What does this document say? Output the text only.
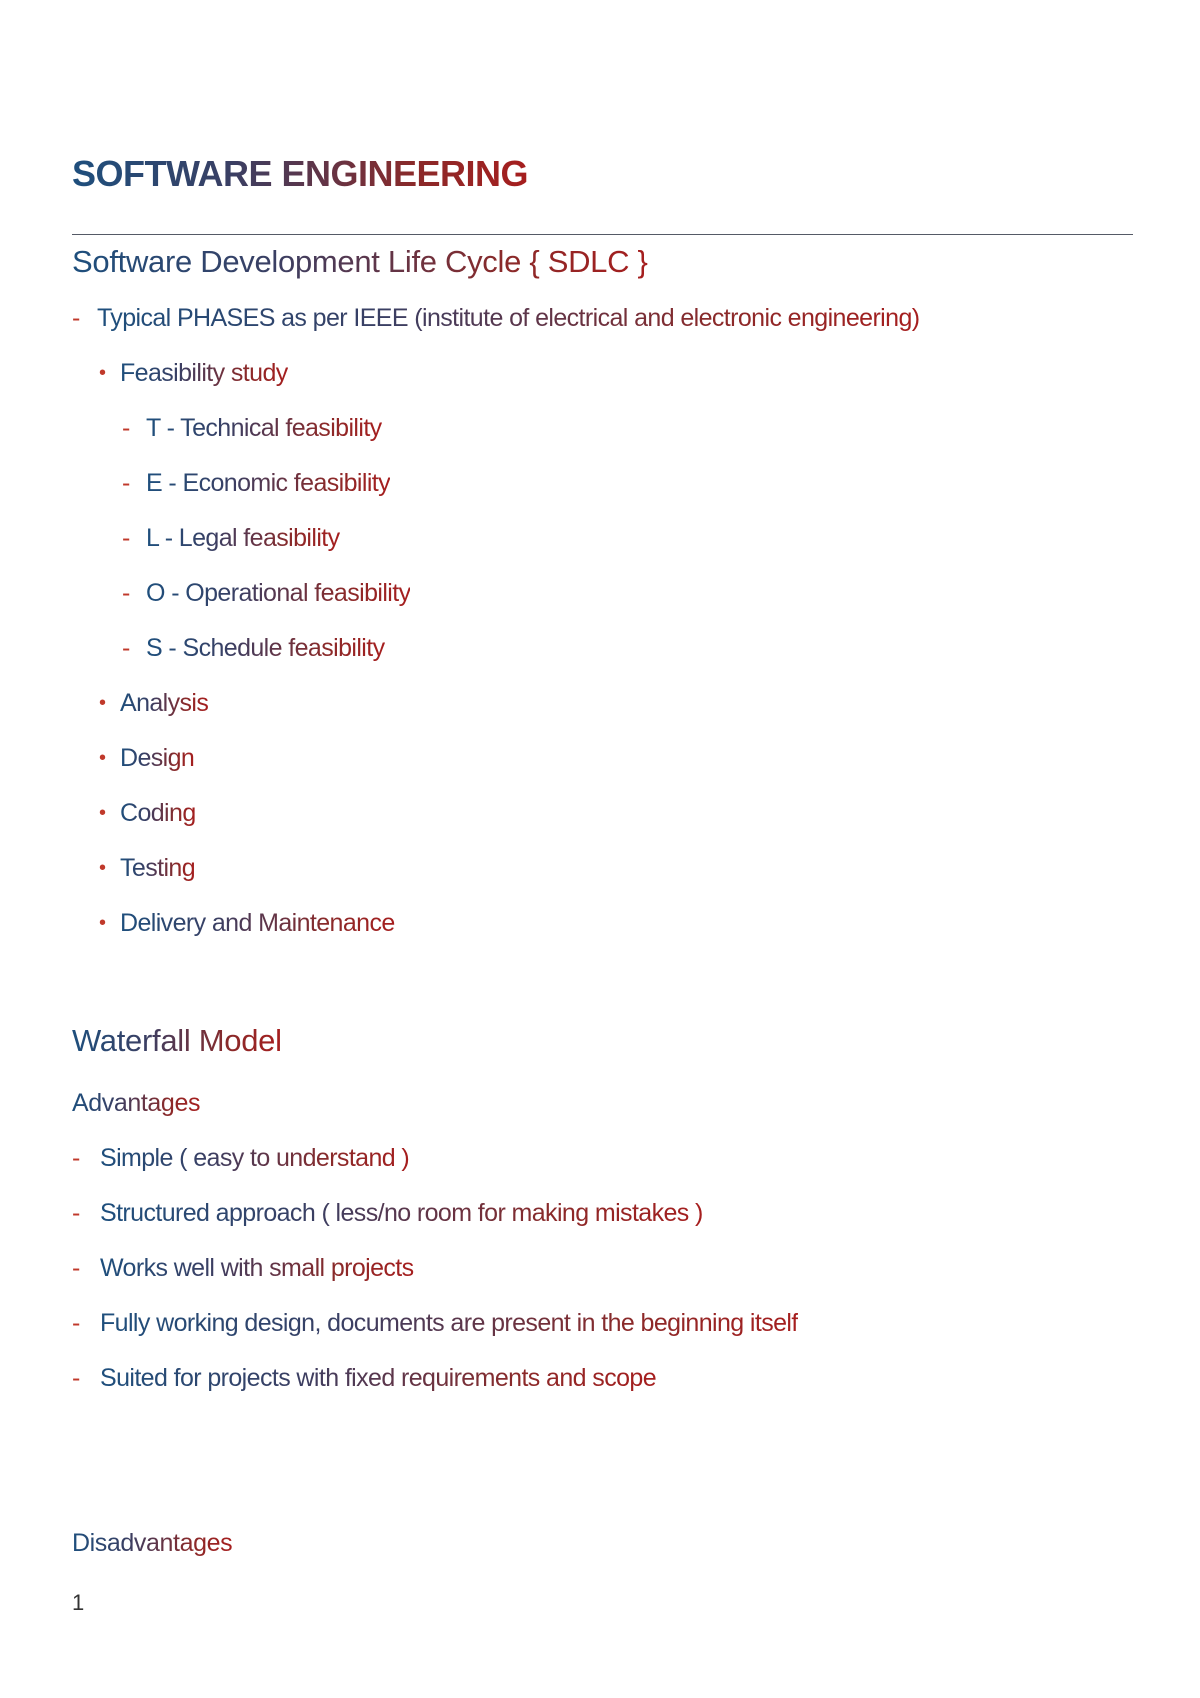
SOFTWARE ENGINEERING
Software Development Life Cycle { SDLC }
- Typical PHASES as per IEEE (institute of electrical and electronic engineering)
• Feasibility study
- T - Technical feasibility
- E - Economic feasibility
- L - Legal feasibility
- O - Operational feasibility
- S - Schedule feasibility
• Analysis
• Design
• Coding
• Testing
• Delivery and Maintenance
Waterfall Model
Advantages
- Simple ( easy to understand )
- Structured approach ( less/no room for making mistakes )
- Works well with small projects
- Fully working design, documents are present in the beginning itself
- Suited for projects with fixed requirements and scope
Disadvantages
1
